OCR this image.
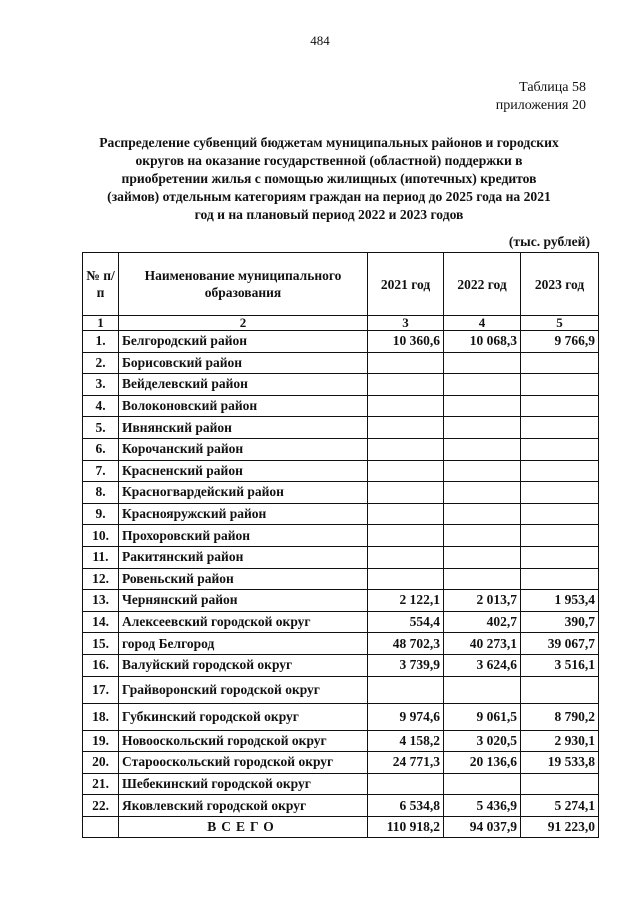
484
Таблица 58
приложения 20
Распределение субвенций бюджетам муниципальных районов и городских
округов на оказание государственной (областной) поддержки в
приобретении жилья с помощью жилищных (ипотечных) кредитов
(займов) отдельным категориям граждан на период до 2025 года на 2021
год и на плановый период 2022 и 2023 годов
(тыс. рублей)
№ п/п	Наименование муниципального образования	2021 год	2022 год	2023 год
1	2	3	4	5
1.	Белгородский район	10 360,6	10 068,3	9 766,9
2.	Борисовский район			
3.	Вейделевский район			
4.	Волоконовский район			
5.	Ивнянский район			
6.	Корочанский район			
7.	Красненский район			
8.	Красногвардейский район			
9.	Краснояружский район			
10.	Прохоровский район			
11.	Ракитянский район			
12.	Ровеньский район			
13.	Чернянский район	2 122,1	2 013,7	1 953,4
14.	Алексеевский городской округ	554,4	402,7	390,7
15.	город Белгород	48 702,3	40 273,1	39 067,7
16.	Валуйский городской округ	3 739,9	3 624,6	3 516,1
17.	Грайворонский городской округ			
18.	Губкинский городской округ	9 974,6	9 061,5	8 790,2
19.	Новооскольский городской округ	4 158,2	3 020,5	2 930,1
20.	Старооскольский городской округ	24 771,3	20 136,6	19 533,8
21.	Шебекинский городской округ			
22.	Яковлевский городской округ	6 534,8	5 436,9	5 274,1
	ВСЕГО	110 918,2	94 037,9	91 223,0
